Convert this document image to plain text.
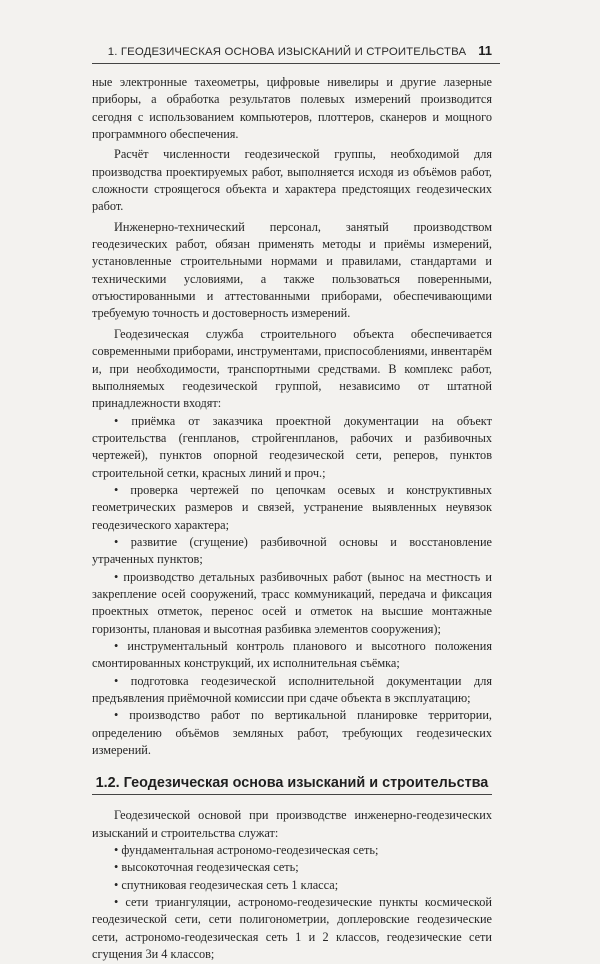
1. ГЕОДЕЗИЧЕСКАЯ ОСНОВА ИЗЫСКАНИЙ И СТРОИТЕЛЬСТВА 11

ные электронные тахеометры, цифровые нивелиры и другие лазерные приборы, а обработка результатов полевых измерений производится сегодня с использованием компьютеров, плоттеров, сканеров и мощного программного обеспечения.

Расчёт численности геодезической группы, необходимой для производства проектируемых работ, выполняется исходя из объёмов работ, сложности строящегося объекта и характера предстоящих геодезических работ.

Инженерно-технический персонал, занятый производством геодезических работ, обязан применять методы и приёмы измерений, установленные строительными нормами и правилами, стандартами и техническими условиями, а также пользоваться поверенными, отъюстированными и аттестованными приборами, обеспечивающими требуемую точность и достоверность измерений.

Геодезическая служба строительного объекта обеспечивается современными приборами, инструментами, приспособлениями, инвентарём и, при необходимости, транспортными средствами. В комплекс работ, выполняемых геодезической группой, независимо от штатной принадлежности входят:

• приёмка от заказчика проектной документации на объект строительства (генпланов, стройгенпланов, рабочих и разбивочных чертежей), пунктов опорной геодезической сети, реперов, пунктов строительной сетки, красных линий и проч.;

• проверка чертежей по цепочкам осевых и конструктивных геометрических размеров и связей, устранение выявленных неувязок геодезического характера;

• развитие (сгущение) разбивочной основы и восстановление утраченных пунктов;

• производство детальных разбивочных работ (вынос на местность и закрепление осей сооружений, трасс коммуникаций, передача и фиксация проектных отметок, перенос осей и отметок на высшие монтажные горизонты, плановая и высотная разбивка элементов сооружения);

• инструментальный контроль планового и высотного положения смонтированных конструкций, их исполнительная съёмка;

• подготовка геодезической исполнительной документации для предъявления приёмочной комиссии при сдаче объекта в эксплуатацию;

• производство работ по вертикальной планировке территории, определению объёмов земляных работ, требующих геодезических измерений.

1.2. Геодезическая основа изысканий и строительства

Геодезической основой при производстве инженерно-геодезических изысканий и строительства служат:

• фундаментальная астрономо-геодезическая сеть;

• высокоточная геодезическая сеть;

• спутниковая геодезическая сеть 1 класса;

• сети триангуляции, астрономо-геодезические пункты космической геодезической сети, сети полигонометрии, доплеровские геодезические сети, астрономо-геодезическая сеть 1 и 2 классов, геодезические сети сгущения 3и 4 классов;
